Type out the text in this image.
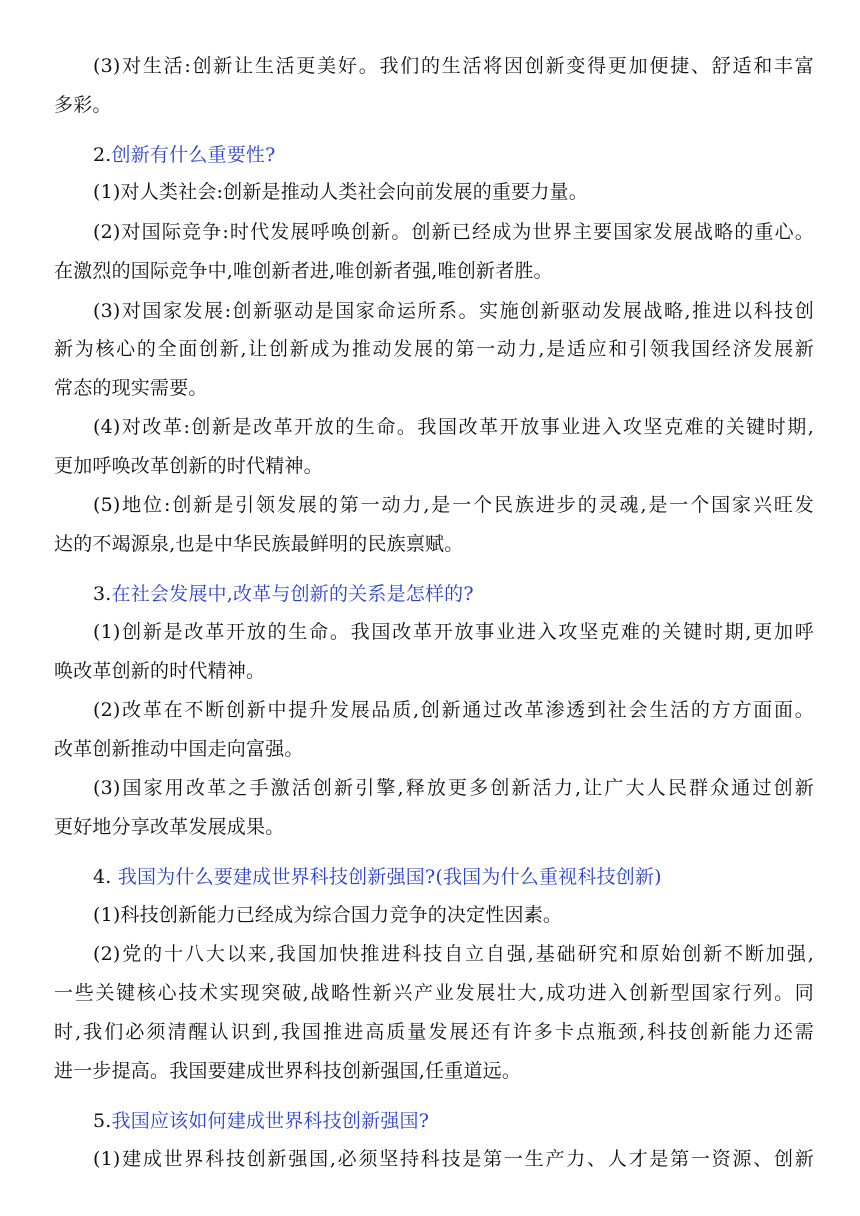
(3)对生活:创新让生活更美好。我们的生活将因创新变得更加便捷、舒适和丰富
多彩。
2.创新有什么重要性?
(1)对人类社会:创新是推动人类社会向前发展的重要力量。
(2)对国际竞争:时代发展呼唤创新。创新已经成为世界主要国家发展战略的重心。
在激烈的国际竞争中,唯创新者进,唯创新者强,唯创新者胜。
(3)对国家发展:创新驱动是国家命运所系。实施创新驱动发展战略,推进以科技创
新为核心的全面创新,让创新成为推动发展的第一动力,是适应和引领我国经济发展新
常态的现实需要。
(4)对改革:创新是改革开放的生命。我国改革开放事业进入攻坚克难的关键时期,
更加呼唤改革创新的时代精神。
(5)地位:创新是引领发展的第一动力,是一个民族进步的灵魂,是一个国家兴旺发
达的不竭源泉,也是中华民族最鲜明的民族禀赋。
3.在社会发展中,改革与创新的关系是怎样的?
(1)创新是改革开放的生命。我国改革开放事业进入攻坚克难的关键时期,更加呼
唤改革创新的时代精神。
(2)改革在不断创新中提升发展品质,创新通过改革渗透到社会生活的方方面面。
改革创新推动中国走向富强。
(3)国家用改革之手激活创新引擎,释放更多创新活力,让广大人民群众通过创新
更好地分享改革发展成果。
4. 我国为什么要建成世界科技创新强国?(我国为什么重视科技创新)
(1)科技创新能力已经成为综合国力竞争的决定性因素。
(2)党的十八大以来,我国加快推进科技自立自强,基础研究和原始创新不断加强,
一些关键核心技术实现突破,战略性新兴产业发展壮大,成功进入创新型国家行列。同
时,我们必须清醒认识到,我国推进高质量发展还有许多卡点瓶颈,科技创新能力还需
进一步提高。我国要建成世界科技创新强国,任重道远。
5.我国应该如何建成世界科技创新强国?
(1)建成世界科技创新强国,必须坚持科技是第一生产力、人才是第一资源、创新
